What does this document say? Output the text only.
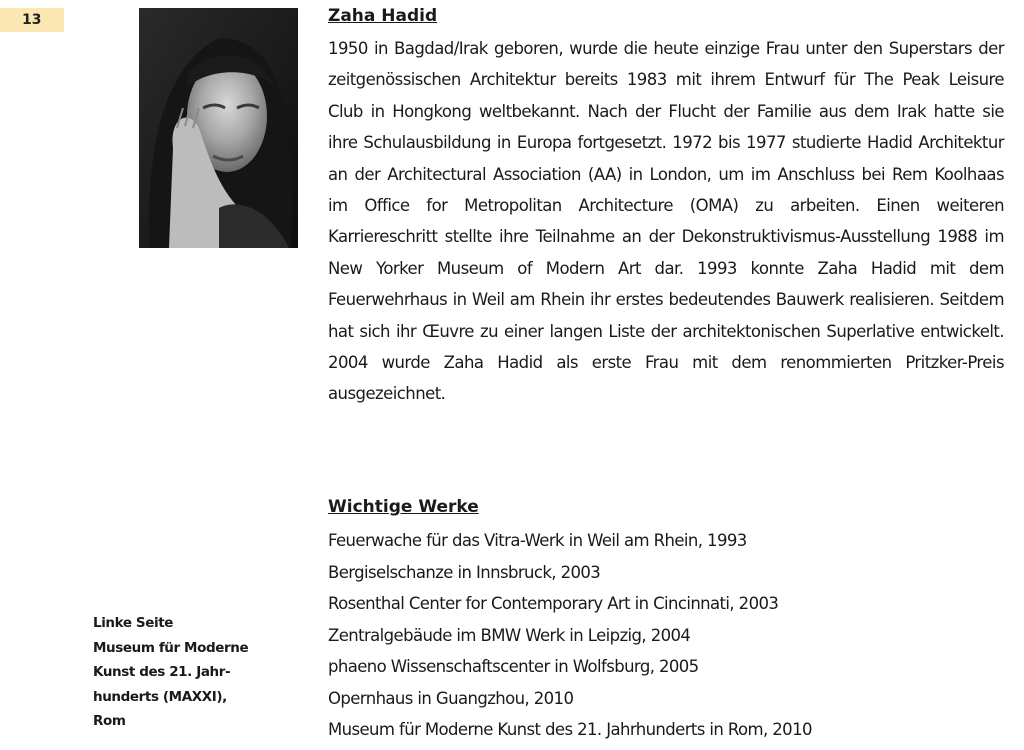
13	Zaha Hadid

1950 in Bagdad/Irak geboren, wurde die heute einzige Frau unter den Superstars der zeitgenössischen Architektur bereits 1983 mit ihrem Entwurf für The Peak Leisure Club in Hongkong weltbekannt. Nach der Flucht der Familie aus dem Irak hatte sie ihre Schulausbildung in Europa fortgesetzt. 1972 bis 1977 studierte Hadid Architektur an der Architectural Association (AA) in London, um im Anschluss bei Rem Koolhaas im Office for Metropolitan Architecture (OMA) zu arbeiten. Einen weiteren Karriereschritt stellte ihre Teilnahme an der Dekonstruktivismus-Ausstellung 1988 im New Yorker Museum of Modern Art dar. 1993 konnte Zaha Hadid mit dem Feuerwehrhaus in Weil am Rhein ihr erstes bedeutendes Bauwerk realisieren. Seitdem hat sich ihr Œuvre zu einer langen Liste der architektonischen Superlative entwickelt. 2004 wurde Zaha Hadid als erste Frau mit dem renommierten Pritzker-Preis ausgezeichnet.

Wichtige Werke
Feuerwache für das Vitra-Werk in Weil am Rhein, 1993
Bergiselschanze in Innsbruck, 2003
Rosenthal Center for Contemporary Art in Cincinnati, 2003
Zentralgebäude im BMW Werk in Leipzig, 2004
phaeno Wissenschaftscenter in Wolfsburg, 2005
Opernhaus in Guangzhou, 2010
Museum für Moderne Kunst des 21. Jahrhunderts in Rom, 2010
Linke Seite
Museum für Moderne
Kunst des 21. Jahr-
hunderts (MAXXI),
Rom
